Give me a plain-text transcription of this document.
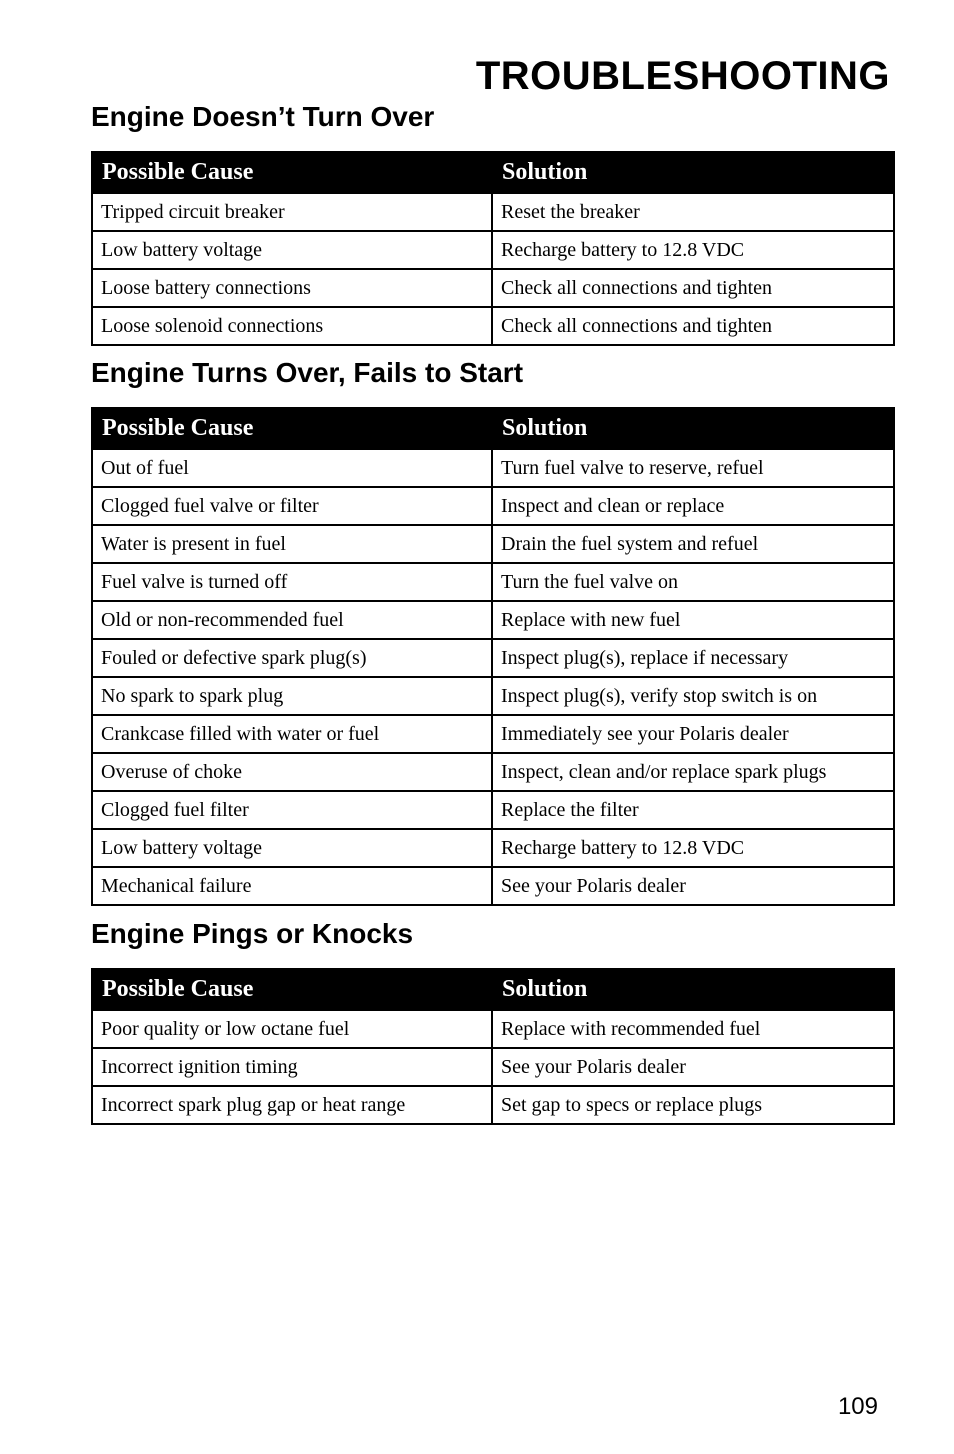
TROUBLESHOOTING
Engine Doesn’t Turn Over
Possible Cause	Solution
Tripped circuit breaker	Reset the breaker
Low battery voltage	Recharge battery to 12.8 VDC
Loose battery connections	Check all connections and tighten
Loose solenoid connections	Check all connections and tighten
Engine Turns Over, Fails to Start
Possible Cause	Solution
Out of fuel	Turn fuel valve to reserve, refuel
Clogged fuel valve or filter	Inspect and clean or replace
Water is present in fuel	Drain the fuel system and refuel
Fuel valve is turned off	Turn the fuel valve on
Old or non-recommended fuel	Replace with new fuel
Fouled or defective spark plug(s)	Inspect plug(s), replace if necessary
No spark to spark plug	Inspect plug(s), verify stop switch is on
Crankcase filled with water or fuel	Immediately see your Polaris dealer
Overuse of choke	Inspect, clean and/or replace spark plugs
Clogged fuel filter	Replace the filter
Low battery voltage	Recharge battery to 12.8 VDC
Mechanical failure	See your Polaris dealer
Engine Pings or Knocks
Possible Cause	Solution
Poor quality or low octane fuel	Replace with recommended fuel
Incorrect ignition timing	See your Polaris dealer
Incorrect spark plug gap or heat range	Set gap to specs or replace plugs
109
